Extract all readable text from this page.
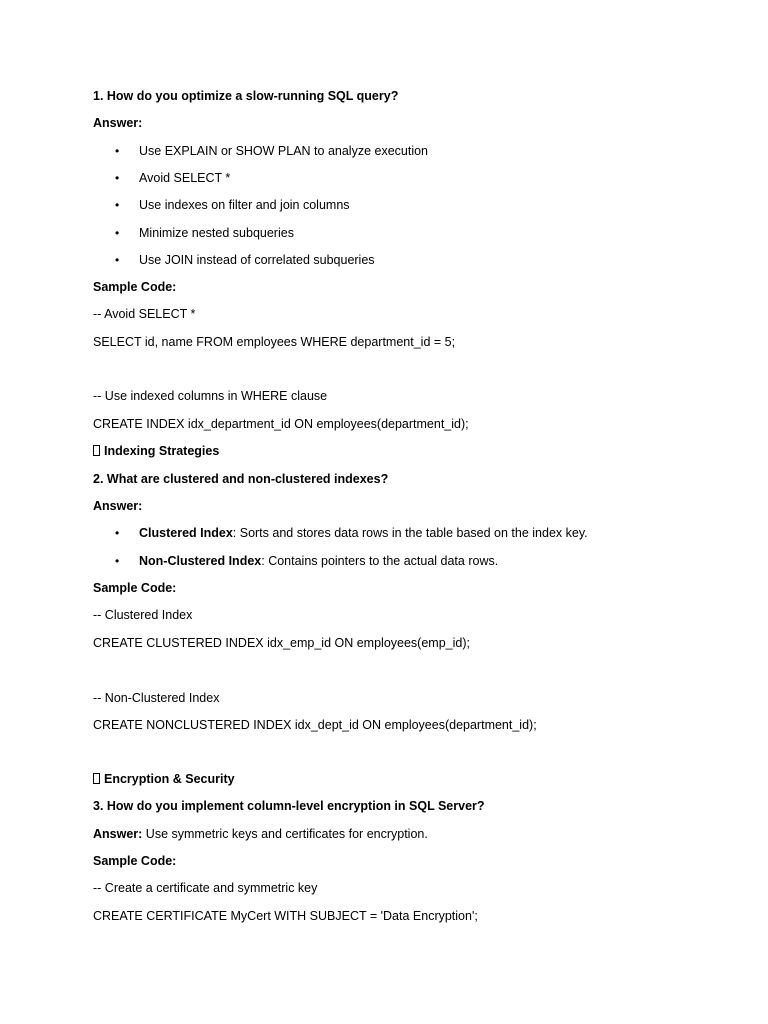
1. How do you optimize a slow-running SQL query?
Answer:
• Use EXPLAIN or SHOW PLAN to analyze execution
• Avoid SELECT *
• Use indexes on filter and join columns
• Minimize nested subqueries
• Use JOIN instead of correlated subqueries
Sample Code:
-- Avoid SELECT *
SELECT id, name FROM employees WHERE department_id = 5;
-- Use indexed columns in WHERE clause
CREATE INDEX idx_department_id ON employees(department_id);
Indexing Strategies
2. What are clustered and non-clustered indexes?
Answer:
• Clustered Index: Sorts and stores data rows in the table based on the index key.
• Non-Clustered Index: Contains pointers to the actual data rows.
Sample Code:
-- Clustered Index
CREATE CLUSTERED INDEX idx_emp_id ON employees(emp_id);
-- Non-Clustered Index
CREATE NONCLUSTERED INDEX idx_dept_id ON employees(department_id);
Encryption & Security
3. How do you implement column-level encryption in SQL Server?
Answer: Use symmetric keys and certificates for encryption.
Sample Code:
-- Create a certificate and symmetric key
CREATE CERTIFICATE MyCert WITH SUBJECT = 'Data Encryption';
